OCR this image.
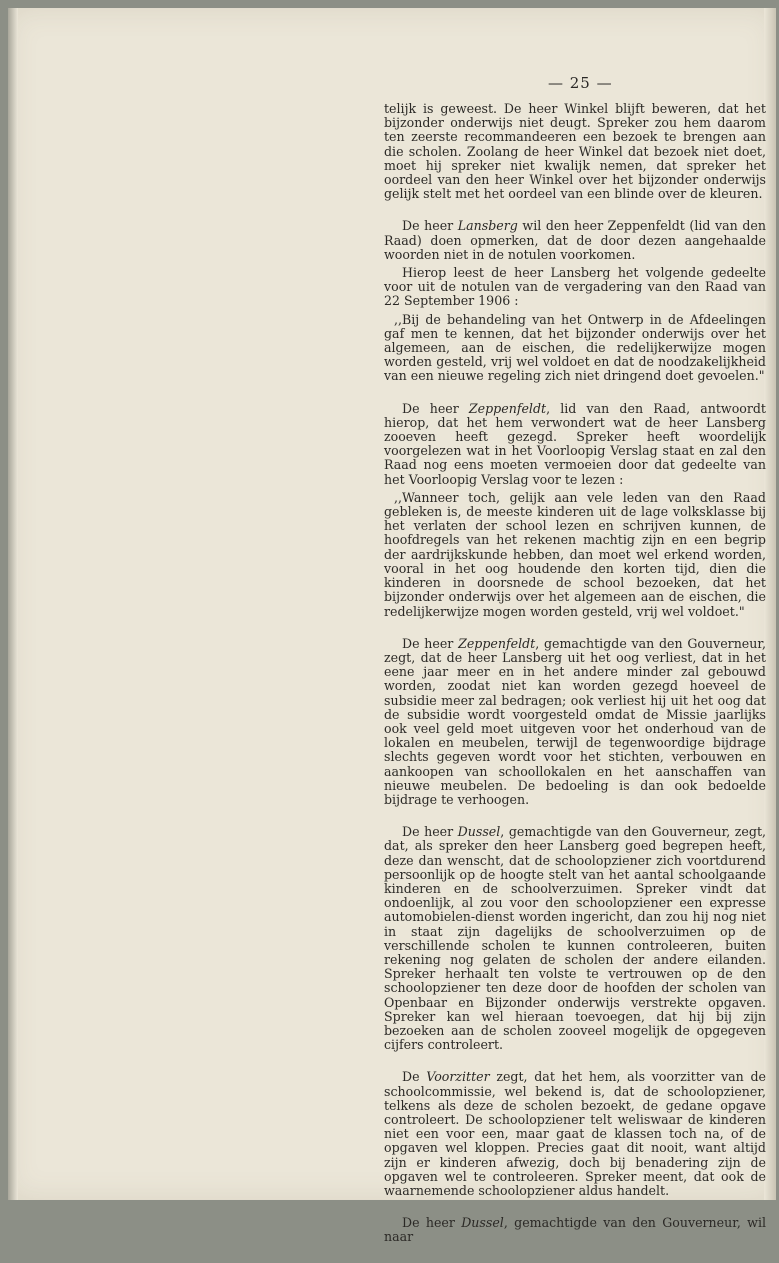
— 25 —

telijk is geweest. De heer Winkel blijft beweren, dat het bijzonder onderwijs niet deugt. Spreker zou hem daarom ten zeerste recommandeeren een bezoek te brengen aan die scholen. Zoolang de heer Winkel dat bezoek niet doet, moet hij spreker niet kwalijk nemen, dat spreker het oordeel van den heer Winkel over het bijzonder onderwijs gelijk stelt met het oordeel van een blinde over de kleuren.

De heer Lansberg wil den heer Zeppenfeldt (lid van den Raad) doen opmerken, dat de door dezen aangehaalde woorden niet in de notulen voorkomen.

Hierop leest de heer Lansberg het volgende gedeelte voor uit de notulen van de vergadering van den Raad van 22 September 1906 :

,,Bij de behandeling van het Ontwerp in de Afdeelingen gaf men te kennen, dat het bijzonder onderwijs over het algemeen, aan de eischen, die redelijkerwijze mogen worden gesteld, vrij wel voldoet en dat de noodzakelijkheid van een nieuwe regeling zich niet dringend doet gevoelen."

De heer Zeppenfeldt, lid van den Raad, antwoordt hierop, dat het hem verwondert wat de heer Lansberg zooeven heeft gezegd. Spreker heeft woordelijk voorgelezen wat in het Voorloopig Verslag staat en zal den Raad nog eens moeten vermoeien door dat gedeelte van het Voorloopig Verslag voor te lezen :

,,Wanneer toch, gelijk aan vele leden van den Raad gebleken is, de meeste kinderen uit de lage volksklasse bij het verlaten der school lezen en schrijven kunnen, de hoofdregels van het rekenen machtig zijn en een begrip der aardrijkskunde hebben, dan moet wel erkend worden, vooral in het oog houdende den korten tijd, dien die kinderen in doorsnede de school bezoeken, dat het bijzonder onderwijs over het algemeen aan de eischen, die redelijkerwijze mogen worden gesteld, vrij wel voldoet."

De heer Zeppenfeldt, gemachtigde van den Gouverneur, zegt, dat de heer Lansberg uit het oog verliest, dat in het eene jaar meer en in het andere minder zal gebouwd worden, zoodat niet kan worden gezegd hoeveel de subsidie meer zal bedragen; ook verliest hij uit het oog dat de subsidie wordt voorgesteld omdat de Missie jaarlijks ook veel geld moet uitgeven voor het onderhoud van de lokalen en meubelen, terwijl de tegenwoordige bijdrage slechts gegeven wordt voor het stichten, verbouwen en aankoopen van schoollokalen en het aanschaffen van nieuwe meubelen. De bedoeling is dan ook bedoelde bijdrage te verhoogen.

De heer Dussel, gemachtigde van den Gouverneur, zegt, dat, als spreker den heer Lansberg goed begrepen heeft, deze dan wenscht, dat de schoolopziener zich voortdurend persoonlijk op de hoogte stelt van het aantal schoolgaande kinderen en de schoolverzuimen. Spreker vindt dat ondoenlijk, al zou voor den schoolopziener een expresse automobielen-dienst worden ingericht, dan zou hij nog niet in staat zijn dagelijks de schoolverzuimen op de verschillende scholen te kunnen controleeren, buiten rekening nog gelaten de scholen der andere eilanden. Spreker herhaalt ten volste te vertrouwen op de den schoolopziener ten deze door de hoofden der scholen van Openbaar en Bijzonder onderwijs verstrekte opgaven. Spreker kan wel hieraan toevoegen, dat hij bij zijn bezoeken aan de scholen zooveel mogelijk de opgegeven cijfers controleert.

De Voorzitter zegt, dat het hem, als voorzitter van de schoolcommissie, wel bekend is, dat de schoolopziener, telkens als deze de scholen bezoekt, de gedane opgave controleert. De schoolopziener telt weliswaar de kinderen niet een voor een, maar gaat de klassen toch na, of de opgaven wel kloppen. Precies gaat dit nooit, want altijd zijn er kinderen afwezig, doch bij benadering zijn de opgaven wel te controleeren. Spreker meent, dat ook de waarnemende schoolopziener aldus handelt.

De heer Dussel, gemachtigde van den Gouverneur, wil naar
